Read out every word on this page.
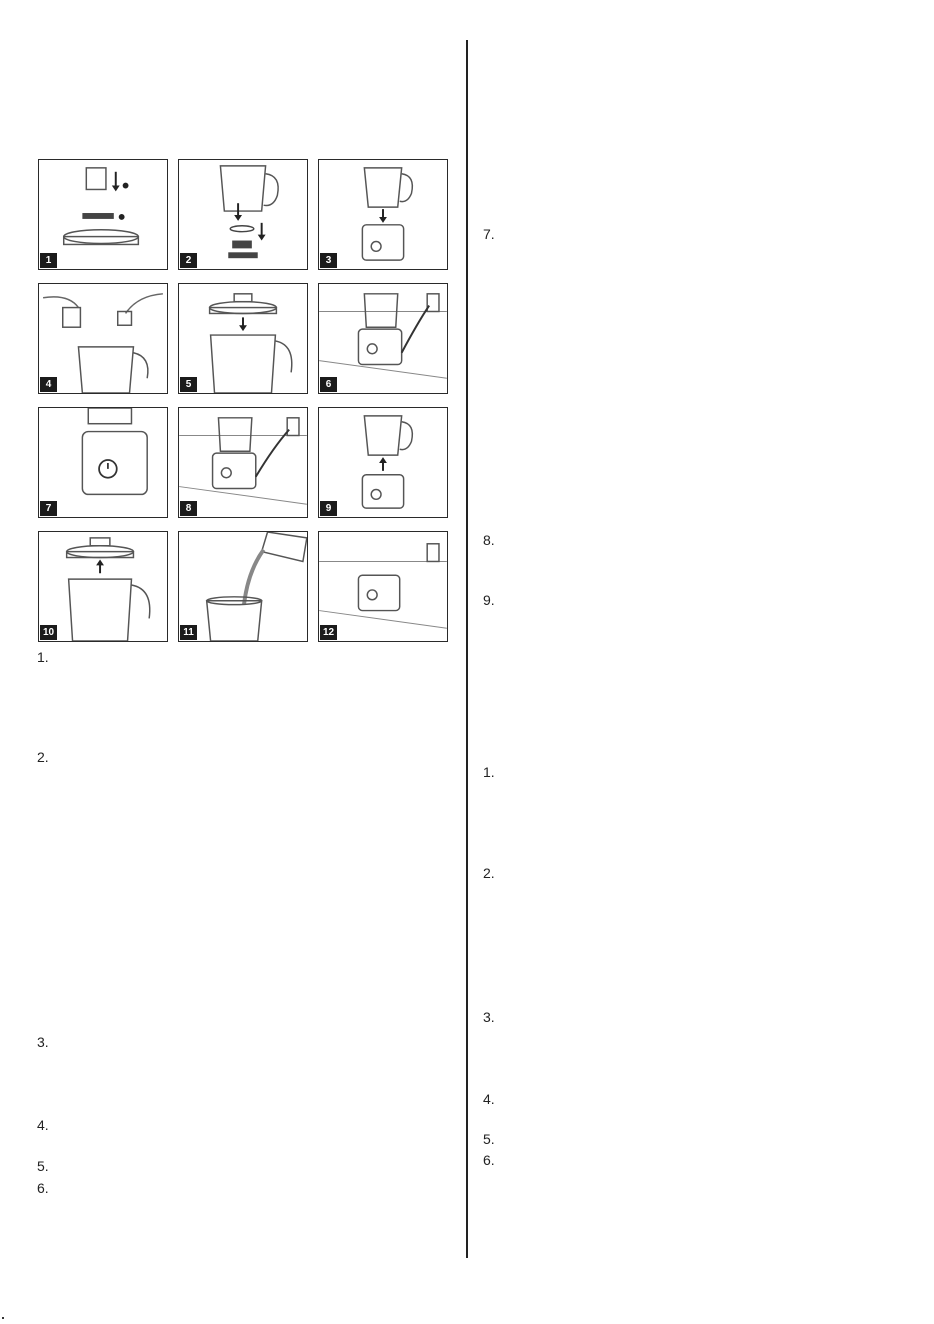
1	2	3
4	5	6
7	8	9
10	11	12
1.
2.
3.
4.
5.
6.
7.
8.
9.
1.
2.
3.
4.
5.
6.
